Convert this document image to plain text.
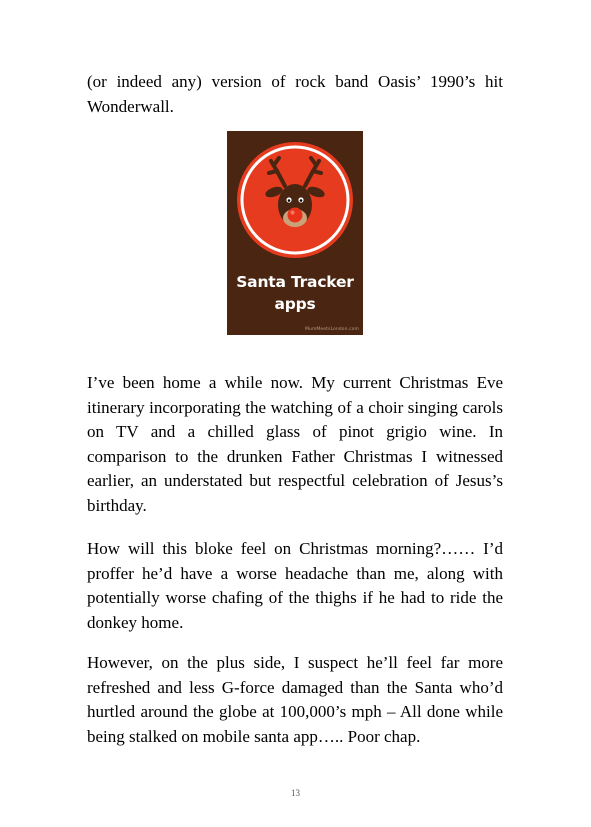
(or indeed any) version of rock band Oasis’ 1990’s hit Wonderwall.

Santa Tracker
apps
MumMeetsLondon.com

I’ve been home a while now. My current Christmas Eve itinerary incorporating the watching of a choir singing carols on TV and a chilled glass of pinot grigio wine. In comparison to the drunken Father Christmas I witnessed earlier, an understated but respectful celebration of Jesus’s birthday.

How will this bloke feel on Christmas morning?…… I’d proffer he’d have a worse headache than me, along with potentially worse chafing of the thighs if he had to ride the donkey home.

However, on the plus side, I suspect he’ll feel far more refreshed and less G-force damaged than the Santa who’d hurtled around the globe at 100,000’s mph – All done while being stalked on mobile santa app….. Poor chap.

13
